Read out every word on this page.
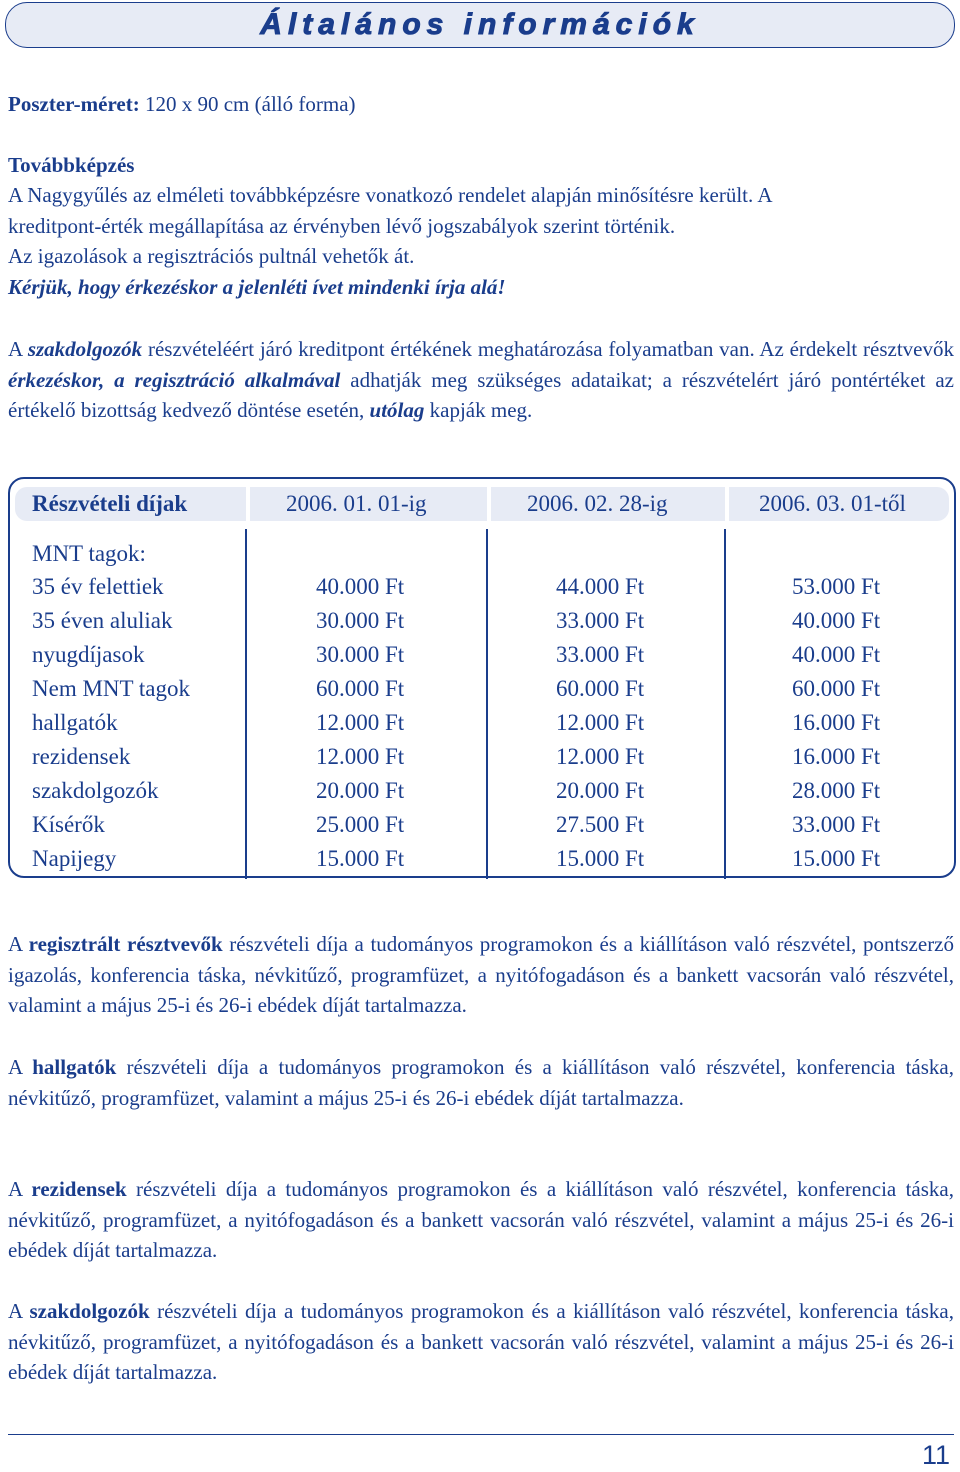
Általános információk

Poszter-méret: 120 x 90 cm (álló forma)

Továbbképzés

A Nagygyűlés az elméleti továbbképzésre vonatkozó rendelet alapján minősítésre került. A

kreditpont-érték megállapítása az érvényben lévő jogszabályok szerint történik.

Az igazolások a regisztrációs pultnál vehetők át.

Kérjük, hogy érkezéskor a jelenléti ívet mindenki írja alá!

A szakdolgozók részvételéért járó kreditpont értékének meghatározása folyamatban van. Az érdekelt résztvevők érkezéskor, a regisztráció alkalmával adhatják meg szükséges adataikat; a részvételért járó pontértéket az értékelő bizottság kedvező döntése esetén, utólag kapják meg.

Részvételi díjak	2006. 01. 01-ig	2006. 02. 28-ig	2006. 03. 01-től
MNT tagok:
35 év felettiek	40.000 Ft	44.000 Ft	53.000 Ft
35 éven aluliak	30.000 Ft	33.000 Ft	40.000 Ft
nyugdíjasok	30.000 Ft	33.000 Ft	40.000 Ft
Nem MNT tagok	60.000 Ft	60.000 Ft	60.000 Ft
hallgatók	12.000 Ft	12.000 Ft	16.000 Ft
rezidensek	12.000 Ft	12.000 Ft	16.000 Ft
szakdolgozók	20.000 Ft	20.000 Ft	28.000 Ft
Kísérők	25.000 Ft	27.500 Ft	33.000 Ft
Napijegy	15.000 Ft	15.000 Ft	15.000 Ft

A regisztrált résztvevők részvételi díja a tudományos programokon és a kiállításon való részvétel, pontszerző igazolás, konferencia táska, névkitűző, programfüzet, a nyitófogadáson és a bankett vacsorán való részvétel, valamint a május 25-i és 26-i ebédek díját tartalmazza.

A hallgatók részvételi díja a tudományos programokon és a kiállításon való részvétel, konferencia táska, névkitűző, programfüzet, valamint a május 25-i és 26-i ebédek díját tartalmazza.

A rezidensek részvételi díja a tudományos programokon és a kiállításon való részvétel, konferencia táska, névkitűző, programfüzet, a nyitófogadáson és a bankett vacsorán való részvétel, valamint a május 25-i és 26-i ebédek díját tartalmazza.

A szakdolgozók részvételi díja a tudományos programokon és a kiállításon való részvétel, konferencia táska, névkitűző, programfüzet, a nyitófogadáson és a bankett vacsorán való részvétel, valamint a május 25-i és 26-i ebédek díját tartalmazza.

11
